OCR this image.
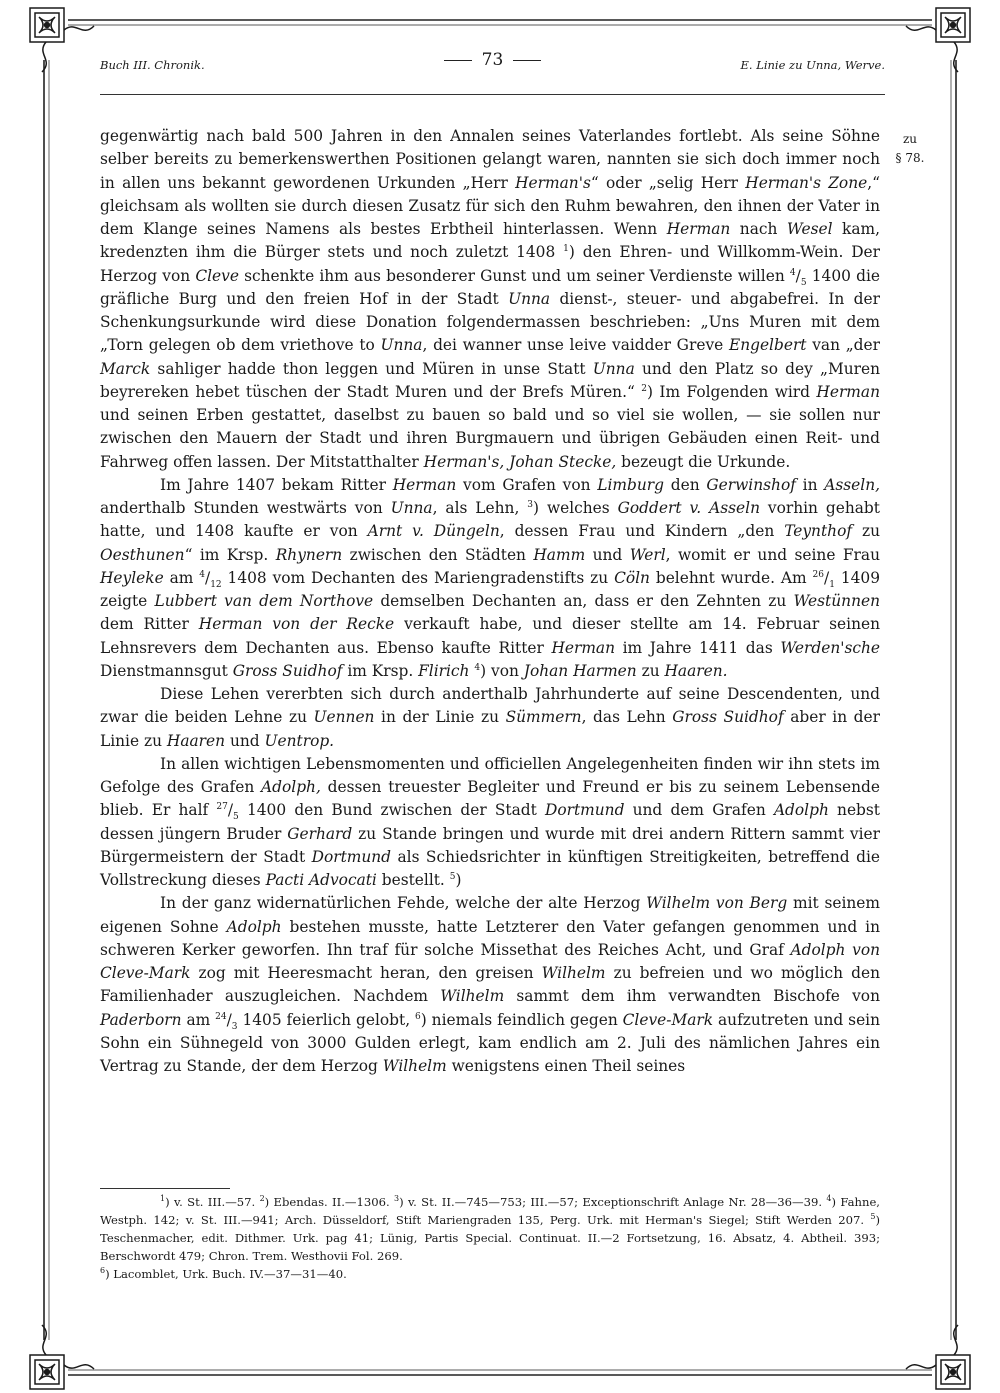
Buch III. Chronik.	73	E. Linie zu Unna, Werve.
zu
§ 78.

gegenwärtig nach bald 500 Jahren in den Annalen seines Vaterlandes fortlebt. Als seine Söhne selber bereits zu bemerkenswerthen Positionen gelangt waren, nannten sie sich doch immer noch in allen uns bekannt gewordenen Urkunden „Herr Herman's“ oder „selig Herr Herman's Zone,“ gleichsam als wollten sie durch diesen Zusatz für sich den Ruhm bewahren, den ihnen der Vater in dem Klange seines Namens als bestes Erbtheil hinterlassen. Wenn Herman nach Wesel kam, kredenzten ihm die Bürger stets und noch zuletzt 1408 $^1$) den Ehren- und Willkomm-Wein. Der Herzog von Cleve schenkte ihm aus besonderer Gunst und um seiner Verdienste willen $^4/_5$ 1400 die gräfliche Burg und den freien Hof in der Stadt Unna dienst-, steuer- und abgabefrei. In der Schenkungsurkunde wird diese Donation folgendermassen beschrieben: „Uns Muren mit dem „Torn gelegen ob dem vriethove to Unna, dei wanner unse leive vaidder Greve Engelbert van „der Marck sahliger hadde thon leggen und Müren in unse Statt Unna und den Platz so dey „Muren beyrereken hebet tüschen der Stadt Muren und der Brefs Müren.“ $^2$) Im Folgenden wird Herman und seinen Erben gestattet, daselbst zu bauen so bald und so viel sie wollen, — sie sollen nur zwischen den Mauern der Stadt und ihren Burgmauern und übrigen Gebäuden einen Reit- und Fahrweg offen lassen. Der Mitstatthalter Herman's, Johan Stecke, bezeugt die Urkunde.

Im Jahre 1407 bekam Ritter Herman vom Grafen von Limburg den Gerwinshof in Asseln, anderthalb Stunden westwärts von Unna, als Lehn, $^3$) welches Goddert v. Asseln vorhin gehabt hatte, und 1408 kaufte er von Arnt v. Düngeln, dessen Frau und Kindern „den Teynthof zu Oesthunen“ im Krsp. Rhynern zwischen den Städten Hamm und Werl, womit er und seine Frau Heyleke am $^4/_{12}$ 1408 vom Dechanten des Mariengradenstifts zu Cöln belehnt wurde. Am $^{26}/_1$ 1409 zeigte Lubbert van dem Northove demselben Dechanten an, dass er den Zehnten zu Westünnen dem Ritter Herman von der Recke verkauft habe, und dieser stellte am 14. Februar seinen Lehnsrevers dem Dechanten aus. Ebenso kaufte Ritter Herman im Jahre 1411 das Werden'sche Dienstmannsgut Gross Suidhof im Krsp. Flirich $^4$) von Johan Harmen zu Haaren.

Diese Lehen vererbten sich durch anderthalb Jahrhunderte auf seine Descendenten, und zwar die beiden Lehne zu Uennen in der Linie zu Sümmern, das Lehn Gross Suidhof aber in der Linie zu Haaren und Uentrop.

In allen wichtigen Lebensmomenten und officiellen Angelegenheiten finden wir ihn stets im Gefolge des Grafen Adolph, dessen treuester Begleiter und Freund er bis zu seinem Lebensende blieb. Er half $^{27}/_5$ 1400 den Bund zwischen der Stadt Dortmund und dem Grafen Adolph nebst dessen jüngern Bruder Gerhard zu Stande bringen und wurde mit drei andern Rittern sammt vier Bürgermeistern der Stadt Dortmund als Schiedsrichter in künftigen Streitigkeiten, betreffend die Vollstreckung dieses Pacti Advocati bestellt. $^5$)

In der ganz widernatürlichen Fehde, welche der alte Herzog Wilhelm von Berg mit seinem eigenen Sohne Adolph bestehen musste, hatte Letzterer den Vater gefangen genommen und in schweren Kerker geworfen. Ihn traf für solche Missethat des Reiches Acht, und Graf Adolph von Cleve-Mark zog mit Heeresmacht heran, den greisen Wilhelm zu befreien und wo möglich den Familienhader auszugleichen. Nachdem Wilhelm sammt dem ihm verwandten Bischofe von Paderborn am $^{24}/_3$ 1405 feierlich gelobt, $^6$) niemals feindlich gegen Cleve-Mark aufzutreten und sein Sohn ein Sühnegeld von 3000 Gulden erlegt, kam endlich am 2. Juli des nämlichen Jahres ein Vertrag zu Stande, der dem Herzog Wilhelm wenigstens einen Theil seines

$^1$) v. St. III.—57. $^2$) Ebendas. II.—1306. $^3$) v. St. II.—745—753; III.—57; Exceptionschrift Anlage Nr. 28—36—39. $^4$) Fahne, Westph. 142; v. St. III.—941; Arch. Düsseldorf, Stift Mariengraden 135, Perg. Urk. mit Herman's Siegel; Stift Werden 207. $^5$) Teschenmacher, edit. Dithmer. Urk. pag 41; Lünig, Partis Special. Continuat. II.—2 Fortsetzung, 16. Absatz, 4. Abtheil. 393; Berschwordt 479; Chron. Trem. Westhovii Fol. 269.

$^6$) Lacomblet, Urk. Buch. IV.—37—31—40.
